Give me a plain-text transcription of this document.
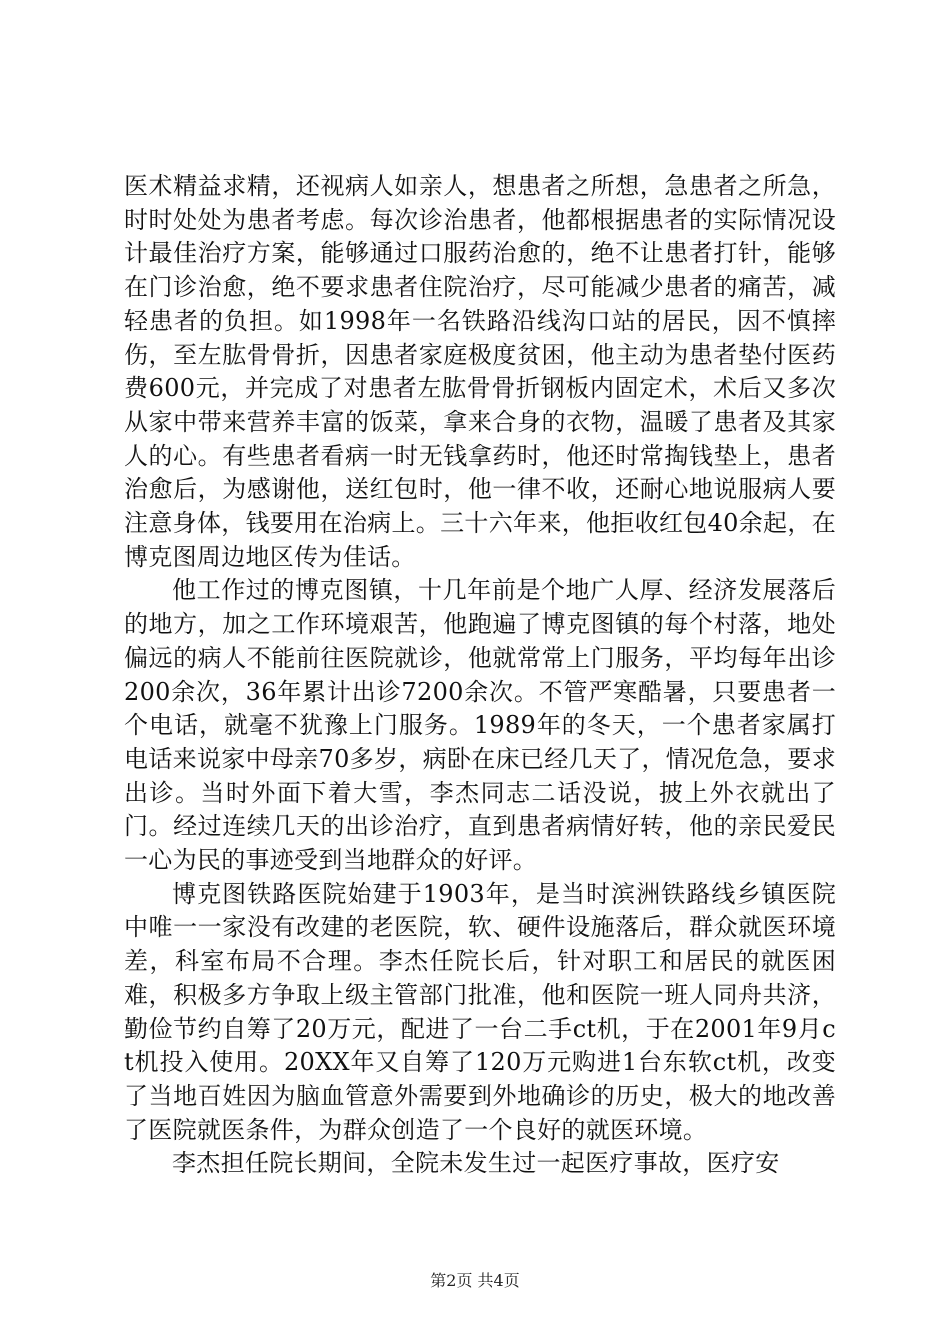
医术精益求精，还视病人如亲人，想患者之所想，急患者之所急，时时处处为患者考虑。每次诊治患者，他都根据患者的实际情况设计最佳治疗方案，能够通过口服药治愈的，绝不让患者打针，能够在门诊治愈，绝不要求患者住院治疗，尽可能减少患者的痛苦，减轻患者的负担。如1998年一名铁路沿线沟口站的居民，因不慎摔伤，至左肱骨骨折，因患者家庭极度贫困，他主动为患者垫付医药费600元，并完成了对患者左肱骨骨折钢板内固定术，术后又多次从家中带来营养丰富的饭菜，拿来合身的衣物，温暖了患者及其家人的心。有些患者看病一时无钱拿药时，他还时常掏钱垫上，患者治愈后，为感谢他，送红包时，他一律不收，还耐心地说服病人要注意身体，钱要用在治病上。三十六年来，他拒收红包40余起，在博克图周边地区传为佳话。

他工作过的博克图镇，十几年前是个地广人厚、经济发展落后的地方，加之工作环境艰苦，他跑遍了博克图镇的每个村落，地处偏远的病人不能前往医院就诊，他就常常上门服务，平均每年出诊200余次，36年累计出诊7200余次。不管严寒酷暑，只要患者一个电话，就毫不犹豫上门服务。1989年的冬天，一个患者家属打电话来说家中母亲70多岁，病卧在床已经几天了，情况危急，要求出诊。当时外面下着大雪，李杰同志二话没说，披上外衣就出了门。经过连续几天的出诊治疗，直到患者病情好转，他的亲民爱民一心为民的事迹受到当地群众的好评。

博克图铁路医院始建于1903年，是当时滨洲铁路线乡镇医院中唯一一家没有改建的老医院，软、硬件设施落后，群众就医环境差，科室布局不合理。李杰任院长后，针对职工和居民的就医困难，积极多方争取上级主管部门批准，他和医院一班人同舟共济，勤俭节约自筹了20万元，配进了一台二手ct机，于在2001年9月ct机投入使用。20XX年又自筹了120万元购进1台东软ct机，改变了当地百姓因为脑血管意外需要到外地确诊的历史，极大的地改善了医院就医条件，为群众创造了一个良好的就医环境。

李杰担任院长期间，全院未发生过一起医疗事故，医疗安

第2页 共4页
